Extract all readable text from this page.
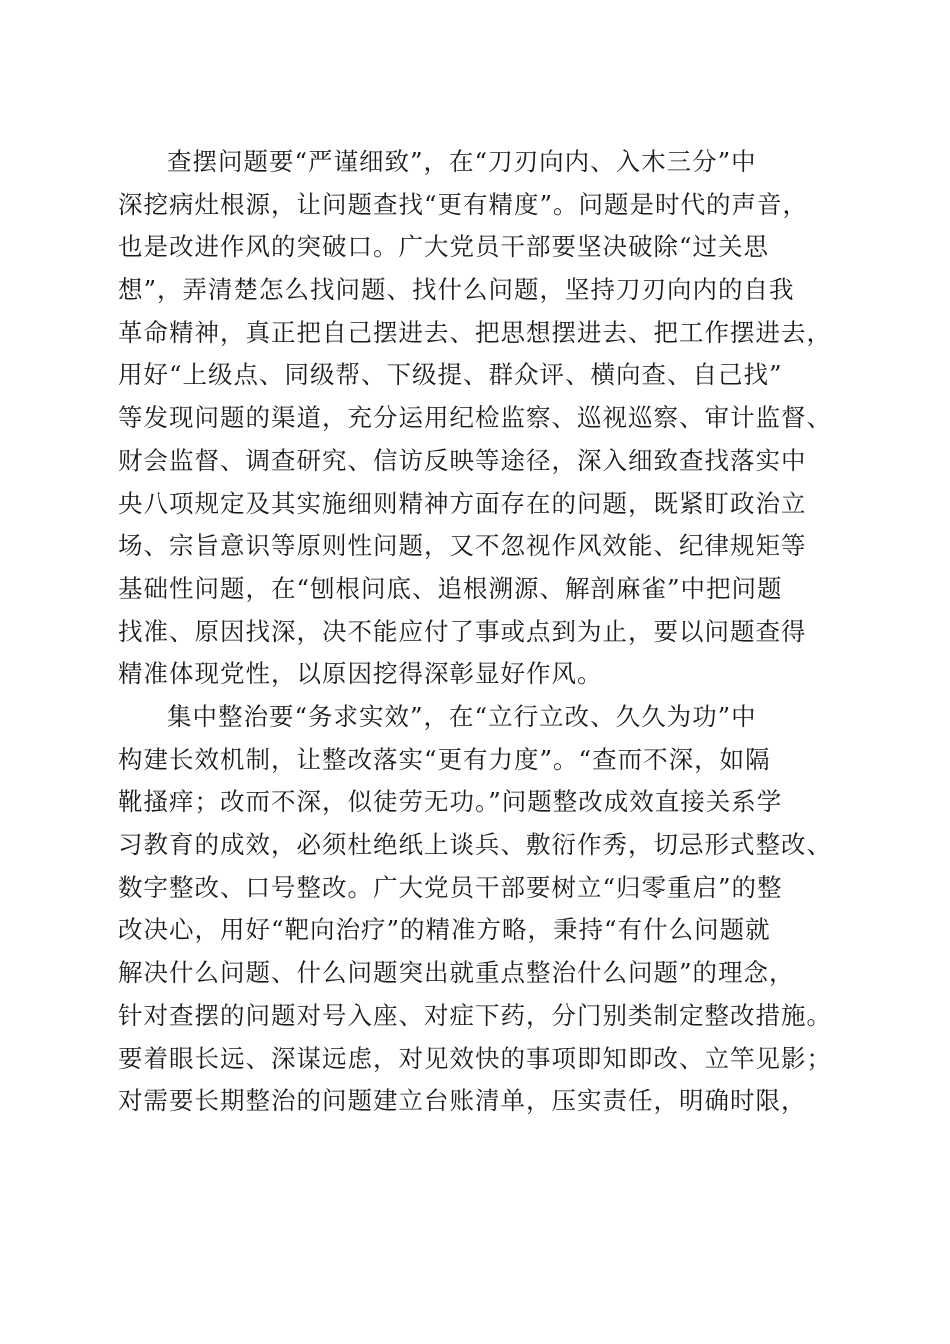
查摆问题要“严谨细致”，在“刀刃向内、入木三分”中
深挖病灶根源，让问题查找“更有精度”。问题是时代的声音，
也是改进作风的突破口。广大党员干部要坚决破除“过关思
想”，弄清楚怎么找问题、找什么问题，坚持刀刃向内的自我
革命精神，真正把自己摆进去、把思想摆进去、把工作摆进去，
用好“上级点、同级帮、下级提、群众评、横向查、自己找”
等发现问题的渠道，充分运用纪检监察、巡视巡察、审计监督、
财会监督、调查研究、信访反映等途径，深入细致查找落实中
央八项规定及其实施细则精神方面存在的问题，既紧盯政治立
场、宗旨意识等原则性问题，又不忽视作风效能、纪律规矩等
基础性问题，在“刨根问底、追根溯源、解剖麻雀”中把问题
找准、原因找深，决不能应付了事或点到为止，要以问题查得
精准体现党性，以原因挖得深彰显好作风。
集中整治要“务求实效”，在“立行立改、久久为功”中
构建长效机制，让整改落实“更有力度”。“查而不深，如隔
靴搔痒；改而不深，似徒劳无功。”问题整改成效直接关系学
习教育的成效，必须杜绝纸上谈兵、敷衍作秀，切忌形式整改、
数字整改、口号整改。广大党员干部要树立“归零重启”的整
改决心，用好“靶向治疗”的精准方略，秉持“有什么问题就
解决什么问题、什么问题突出就重点整治什么问题”的理念，
针对查摆的问题对号入座、对症下药，分门别类制定整改措施。
要着眼长远、深谋远虑，对见效快的事项即知即改、立竿见影；
对需要长期整治的问题建立台账清单，压实责任，明确时限，
